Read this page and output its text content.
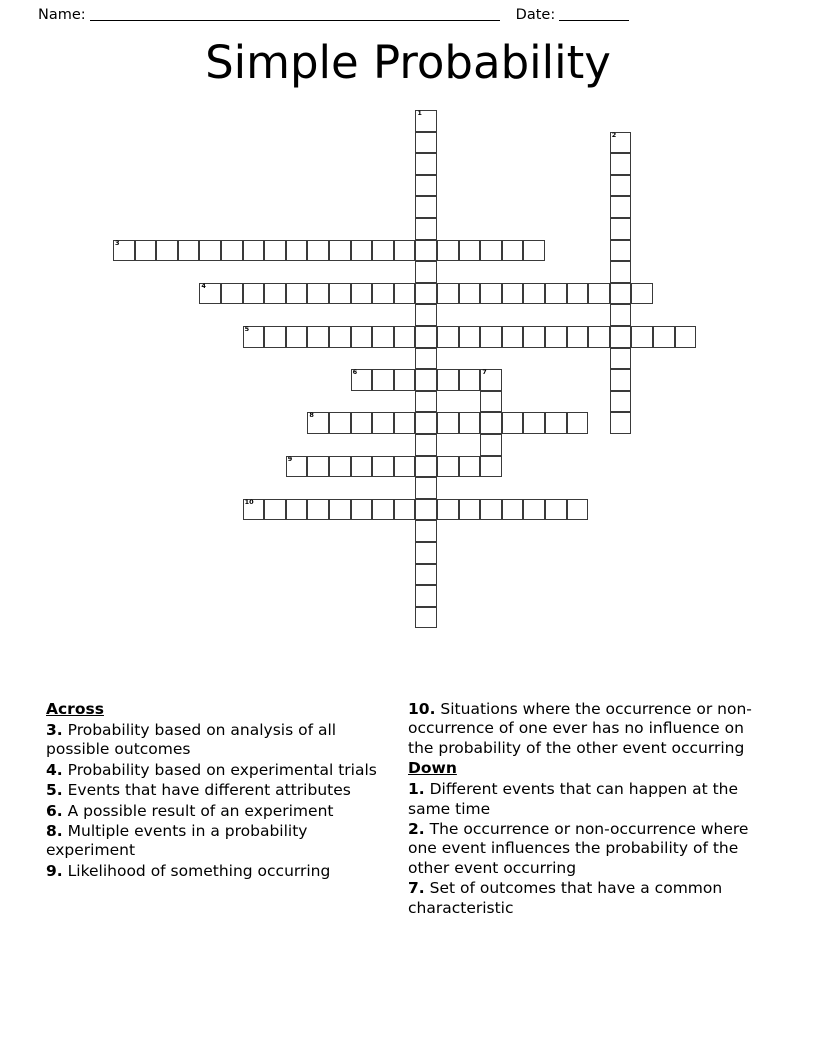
Name:	Date:
Simple Probability
1
2
3
4
5
6	7
8
9
10
Across
3. Probability based on analysis of all possible outcomes
4. Probability based on experimental trials
5. Events that have different attributes
6. A possible result of an experiment
8. Multiple events in a probability experiment
9. Likelihood of something occurring
10. Situations where the occurrence or non-occurrence of one ever has no influence on the probability of the other event occurring
Down
1. Different events that can happen at the same time
2. The occurrence or non-occurrence where one event influences the probability of the other event occurring
7. Set of outcomes that have a common characteristic
